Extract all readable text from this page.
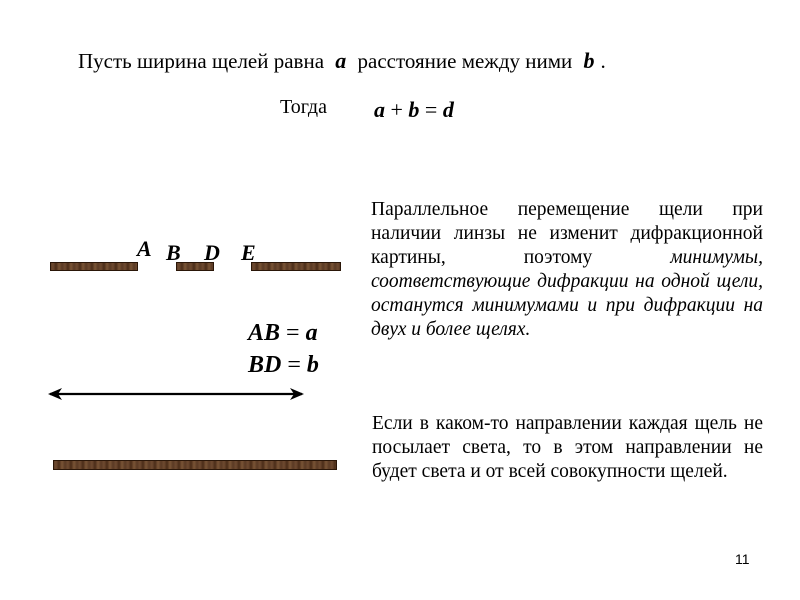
Пусть ширина щелей равна a расстояние между ними b .
Тогда a + b = d
A B D E
AB = a
BD = b
Параллельное перемещение щели при наличии линзы не изменит дифракционной картины, поэтому	минимумы, соответствующие дифракции на одной щели, останутся минимумами и при дифракции на двух и более щелях.
Если в каком-то направлении каждая щель не посылает света, то в этом направлении не будет света и от всей совокупности щелей.
11
